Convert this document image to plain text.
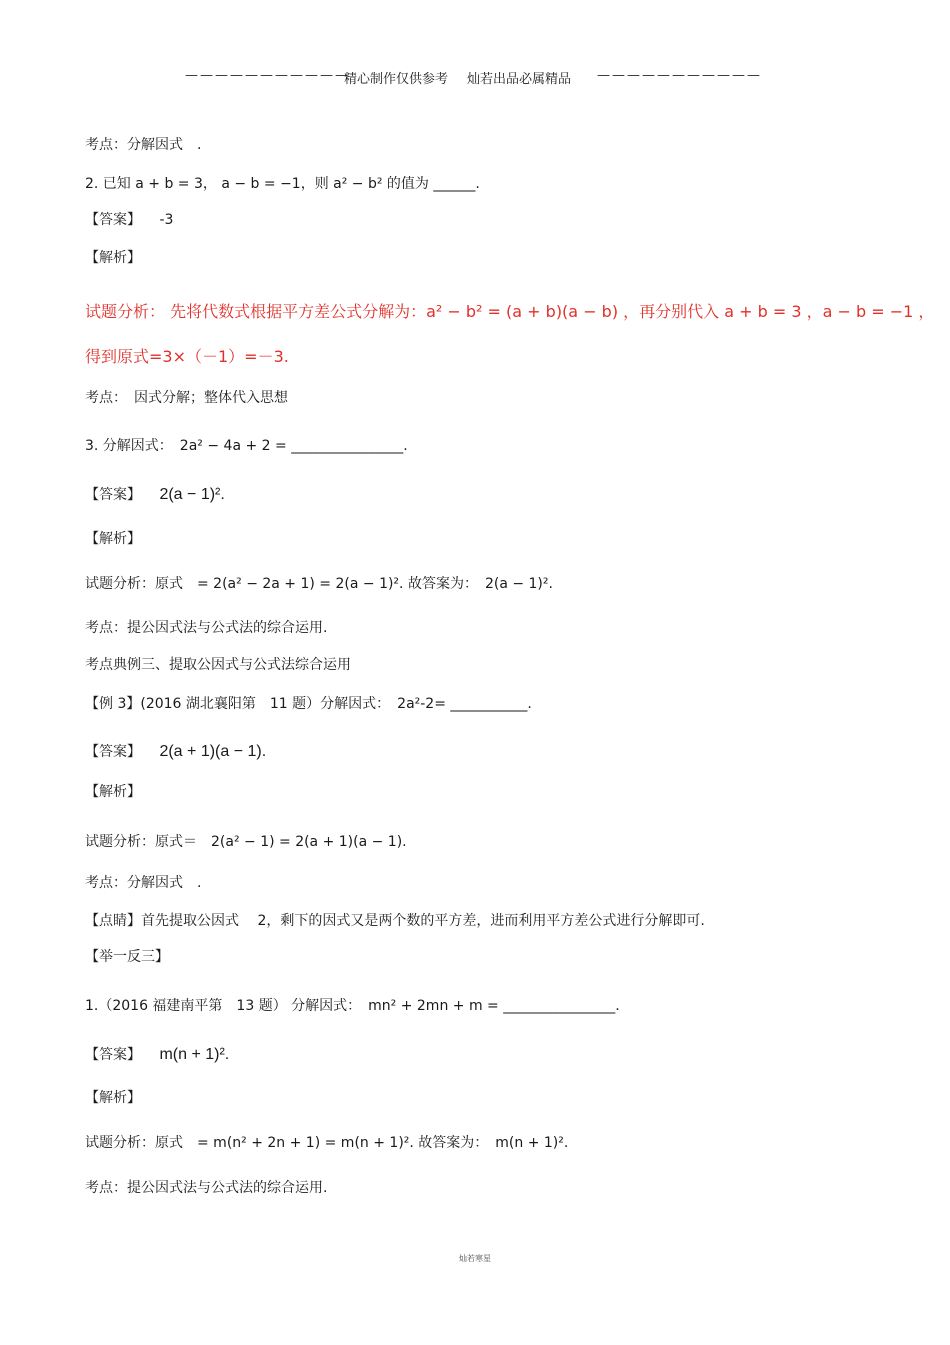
———————————
精心制作仅供参考 灿若出品必属精品 ———————————
考点：分解因式　.
2. 已知 a + b = 3， a − b = −1，则 a² − b² 的值为 ______.
【答案】 -3
【解析】
试题分析： 先将代数式根据平方差公式分解为：a² − b² = (a + b)(a − b) ，再分别代入 a + b = 3 ，a − b = −1 ，
得到原式=3×（－1）=－3.
考点：　因式分解；整体代入思想
3. 分解因式：　2a² − 4a + 2 = ________________.
【答案】 2(a − 1)².
【解析】
试题分析：原式　= 2(a² − 2a + 1) = 2(a − 1)². 故答案为：　2(a − 1)².
考点：提公因式法与公式法的综合运用.
考点典例三、提取公因式与公式法综合运用
【例 3】(2016 湖北襄阳第　11 题）分解因式：　2a²-2= ___________.
【答案】 2(a + 1)(a − 1).
【解析】
试题分析：原式＝　2(a² − 1) = 2(a + 1)(a − 1).
考点：分解因式　.
【点睛】首先提取公因式　 2，剩下的因式又是两个数的平方差，进而利用平方差公式进行分解即可.
【举一反三】
1.（2016 福建南平第　13 题） 分解因式：　mn² + 2mn + m = ________________.
【答案】 m(n + 1)².
【解析】
试题分析：原式　= m(n² + 2n + 1) = m(n + 1)². 故答案为：　m(n + 1)².
考点：提公因式法与公式法的综合运用.
灿若寒星
